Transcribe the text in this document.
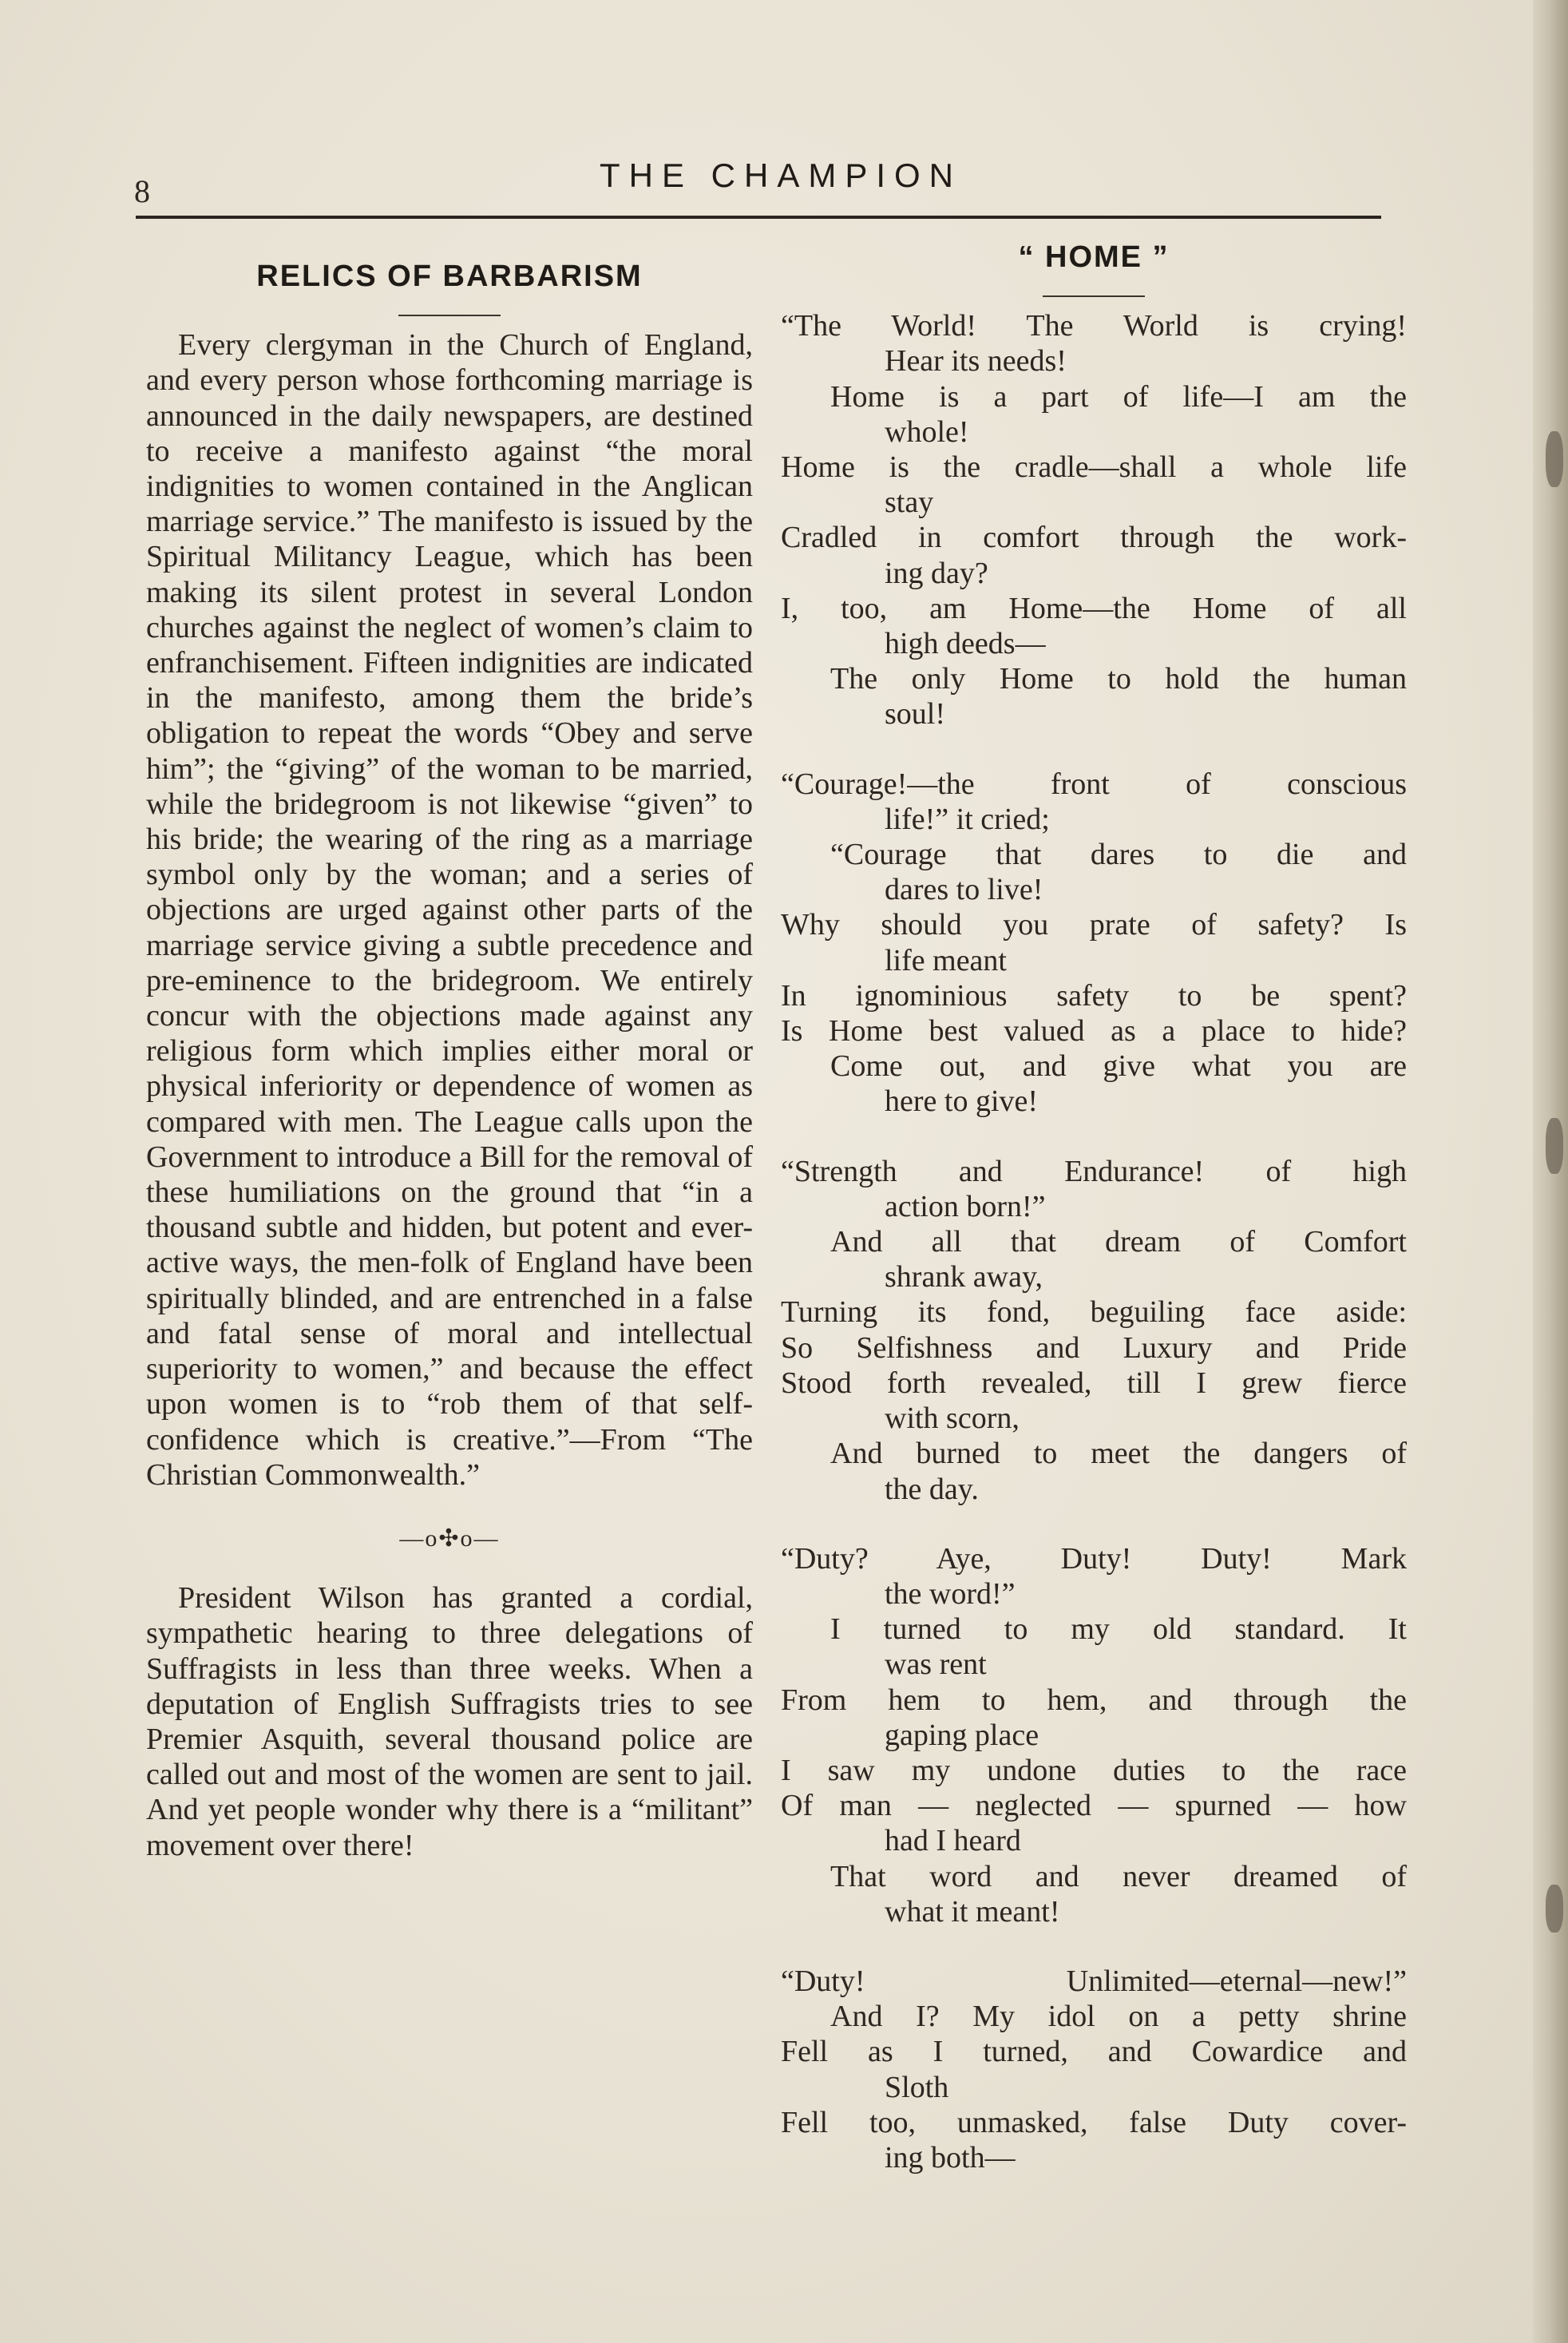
8	THE CHAMPION
RELICS OF BARBARISM

Every clergyman in the Church of England, and every person whose forthcoming marriage is announced in the daily newspapers, are destined to receive a manifesto against “the moral indignities to women contained in the Anglican marriage service.” The manifesto is issued by the Spiritual Militancy League, which has been making its silent protest in several London churches against the neglect of women’s claim to enfranchisement. Fifteen indignities are indicated in the manifesto, among them the bride’s obligation to repeat the words “Obey and serve him”; the “giving” of the woman to be married, while the bridegroom is not likewise “given” to his bride; the wearing of the ring as a marriage symbol only by the woman; and a series of objections are urged against other parts of the marriage service giving a subtle precedence and pre-eminence to the bridegroom. We entirely concur with the objections made against any religious form which implies either moral or physical inferiority or dependence of women as compared with men. The League calls upon the Government to introduce a Bill for the removal of these humiliations on the ground that “in a thousand subtle and hidden, but potent and ever-active ways, the men-folk of England have been spiritually blinded, and are entrenched in a false and fatal sense of moral and intellectual superiority to women,” and because the effect upon women is to “rob them of that self-confidence which is creative.”—From “The Christian Commonwealth.”

—o✣o—

President Wilson has granted a cordial, sympathetic hearing to three delegations of Suffragists in less than three weeks. When a deputation of English Suffragists tries to see Premier Asquith, several thousand police are called out and most of the women are sent to jail. And yet people wonder why there is a “militant” movement over there!

“ HOME ”
“The World! The World is crying!
Hear its needs!
Home is a part of life—I am the
whole!
Home is the cradle—shall a whole life
stay
Cradled in comfort through the work-
ing day?
I, too, am Home—the Home of all
high deeds—
The only Home to hold the human
soul!
“Courage!—the front of conscious
life!” it cried;
“Courage that dares to die and
dares to live!
Why should you prate of safety? Is
life meant
In ignominious safety to be spent?
Is Home best valued as a place to hide?
Come out, and give what you are
here to give!
“Strength and Endurance! of high
action born!”
And all that dream of Comfort
shrank away,
Turning its fond, beguiling face aside:
So Selfishness and Luxury and Pride
Stood forth revealed, till I grew fierce
with scorn,
And burned to meet the dangers of
the day.
“Duty? Aye, Duty! Duty! Mark
the word!”
I turned to my old standard. It
was rent
From hem to hem, and through the
gaping place
I saw my undone duties to the race
Of man — neglected — spurned — how
had I heard
That word and never dreamed of
what it meant!
“Duty! Unlimited—eternal—new!”
And I? My idol on a petty shrine
Fell as I turned, and Cowardice and
Sloth
Fell too, unmasked, false Duty cover-
ing both—
